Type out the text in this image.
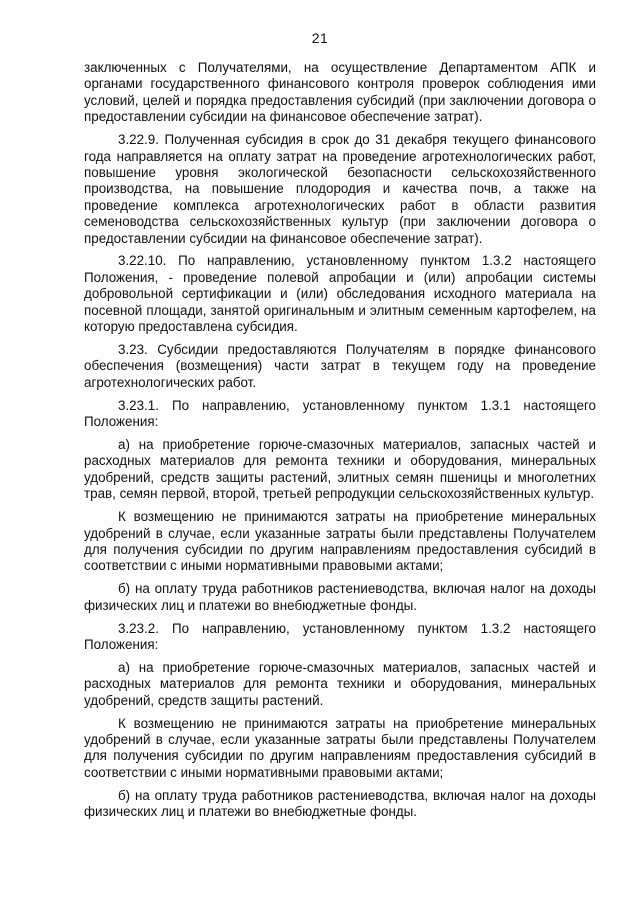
21

заключенных с Получателями, на осуществление Департаментом АПК и органами государственного финансового контроля проверок соблюдения ими условий, целей и порядка предоставления субсидий (при заключении договора о предоставлении субсидии на финансовое обеспечение затрат).

3.22.9. Полученная субсидия в срок до 31 декабря текущего финансового года направляется на оплату затрат на проведение агротехнологических работ, повышение уровня экологической безопасности сельскохозяйственного производства, на повышение плодородия и качества почв, а также на проведение комплекса агротехнологических работ в области развития семеноводства сельскохозяйственных культур (при заключении договора о предоставлении субсидии на финансовое обеспечение затрат).

3.22.10. По направлению, установленному пунктом 1.3.2 настоящего Положения, - проведение полевой апробации и (или) апробации системы добровольной сертификации и (или) обследования исходного материала на посевной площади, занятой оригинальным и элитным семенным картофелем, на которую предоставлена субсидия.

3.23. Субсидии предоставляются Получателям в порядке финансового обеспечения (возмещения) части затрат в текущем году на проведение агротехнологических работ.

3.23.1. По направлению, установленному пунктом 1.3.1 настоящего Положения:

а) на приобретение горюче-смазочных материалов, запасных частей и расходных материалов для ремонта техники и оборудования, минеральных удобрений, средств защиты растений, элитных семян пшеницы и многолетних трав, семян первой, второй, третьей репродукции сельскохозяйственных культур.

К возмещению не принимаются затраты на приобретение минеральных удобрений в случае, если указанные затраты были представлены Получателем для получения субсидии по другим направлениям предоставления субсидий в соответствии с иными нормативными правовыми актами;

б) на оплату труда работников растениеводства, включая налог на доходы физических лиц и платежи во внебюджетные фонды.

3.23.2. По направлению, установленному пунктом 1.3.2 настоящего Положения:

а) на приобретение горюче-смазочных материалов, запасных частей и расходных материалов для ремонта техники и оборудования, минеральных удобрений, средств защиты растений.

К возмещению не принимаются затраты на приобретение минеральных удобрений в случае, если указанные затраты были представлены Получателем для получения субсидии по другим направлениям предоставления субсидий в соответствии с иными нормативными правовыми актами;

б) на оплату труда работников растениеводства, включая налог на доходы физических лиц и платежи во внебюджетные фонды.
